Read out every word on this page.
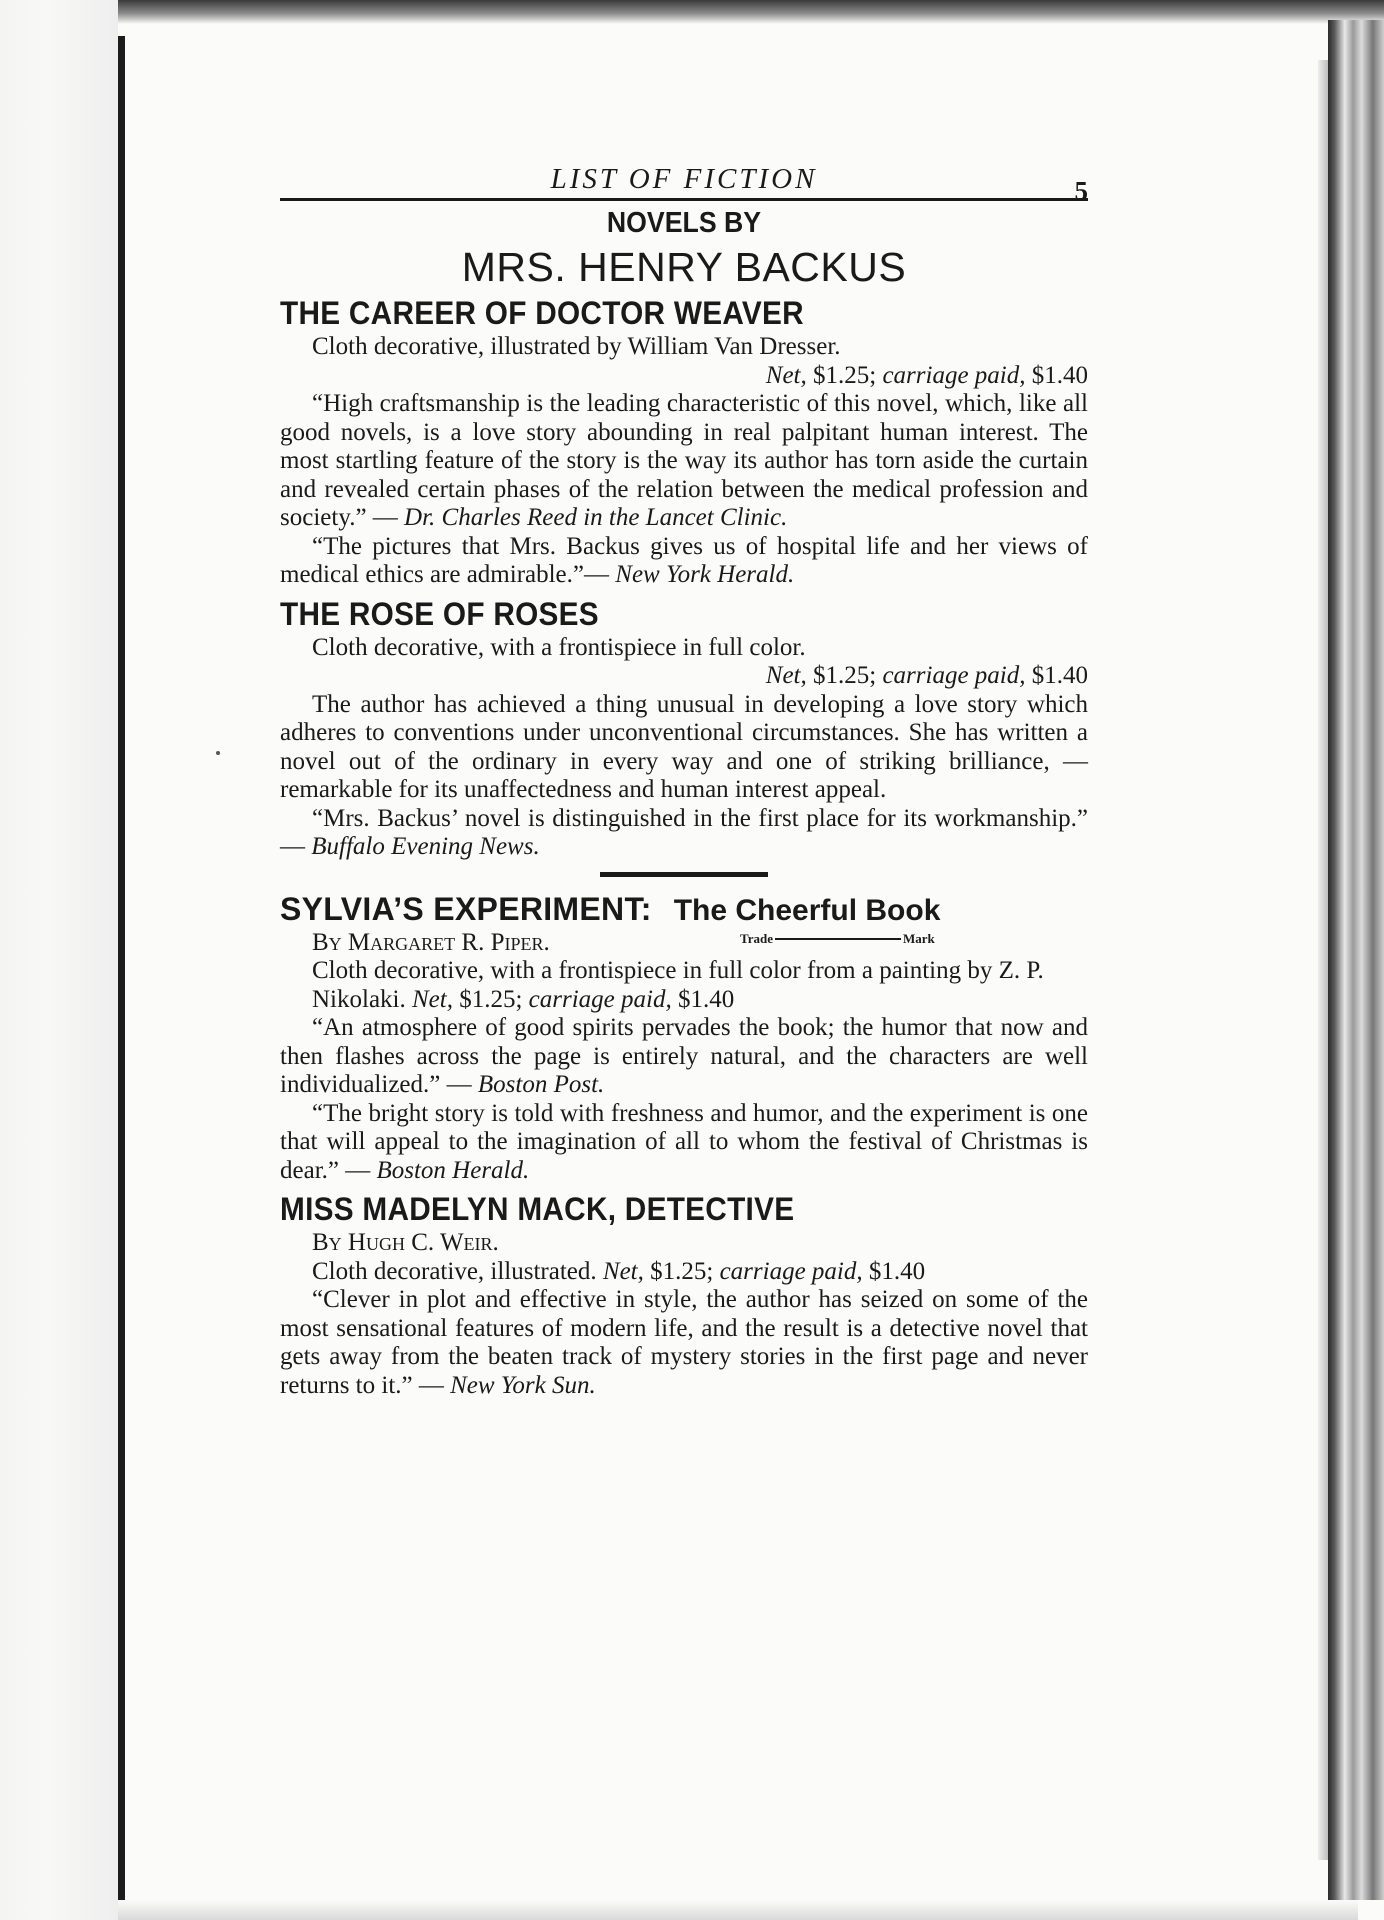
LIST OF FICTION	5
NOVELS BY
MRS. HENRY BACKUS
THE CAREER OF DOCTOR WEAVER
Cloth decorative, illustrated by William Van Dresser.
Net, $1.25; carriage paid, $1.40
“High craftsmanship is the leading characteristic of this novel, which, like all good novels, is a love story abounding in real palpitant human interest. The most startling feature of the story is the way its author has torn aside the curtain and revealed certain phases of the relation between the medical profession and society.” — Dr. Charles Reed in the Lancet Clinic.
“The pictures that Mrs. Backus gives us of hospital life and her views of medical ethics are admirable.”— New York Herald.
THE ROSE OF ROSES
Cloth decorative, with a frontispiece in full color.
Net, $1.25; carriage paid, $1.40
The author has achieved a thing unusual in developing a love story which adheres to conventions under unconventional circumstances. She has written a novel out of the ordinary in every way and one of striking brilliance, — remarkable for its unaffectedness and human interest appeal.
“Mrs. Backus’ novel is distinguished in the first place for its workmanship.” — Buffalo Evening News.
SYLVIA’S EXPERIMENT: The Cheerful Book
By Margaret R. Piper.	Trade	Mark
Cloth decorative, with a frontispiece in full color from a painting by Z. P. Nikolaki. Net, $1.25; carriage paid, $1.40
“An atmosphere of good spirits pervades the book; the humor that now and then flashes across the page is entirely natural, and the characters are well individualized.” — Boston Post.
“The bright story is told with freshness and humor, and the experiment is one that will appeal to the imagination of all to whom the festival of Christmas is dear.” — Boston Herald.
MISS MADELYN MACK, DETECTIVE
By Hugh C. Weir.
Cloth decorative, illustrated. Net, $1.25; carriage paid, $1.40
“Clever in plot and effective in style, the author has seized on some of the most sensational features of modern life, and the result is a detective novel that gets away from the beaten track of mystery stories in the first page and never returns to it.” — New York Sun.
